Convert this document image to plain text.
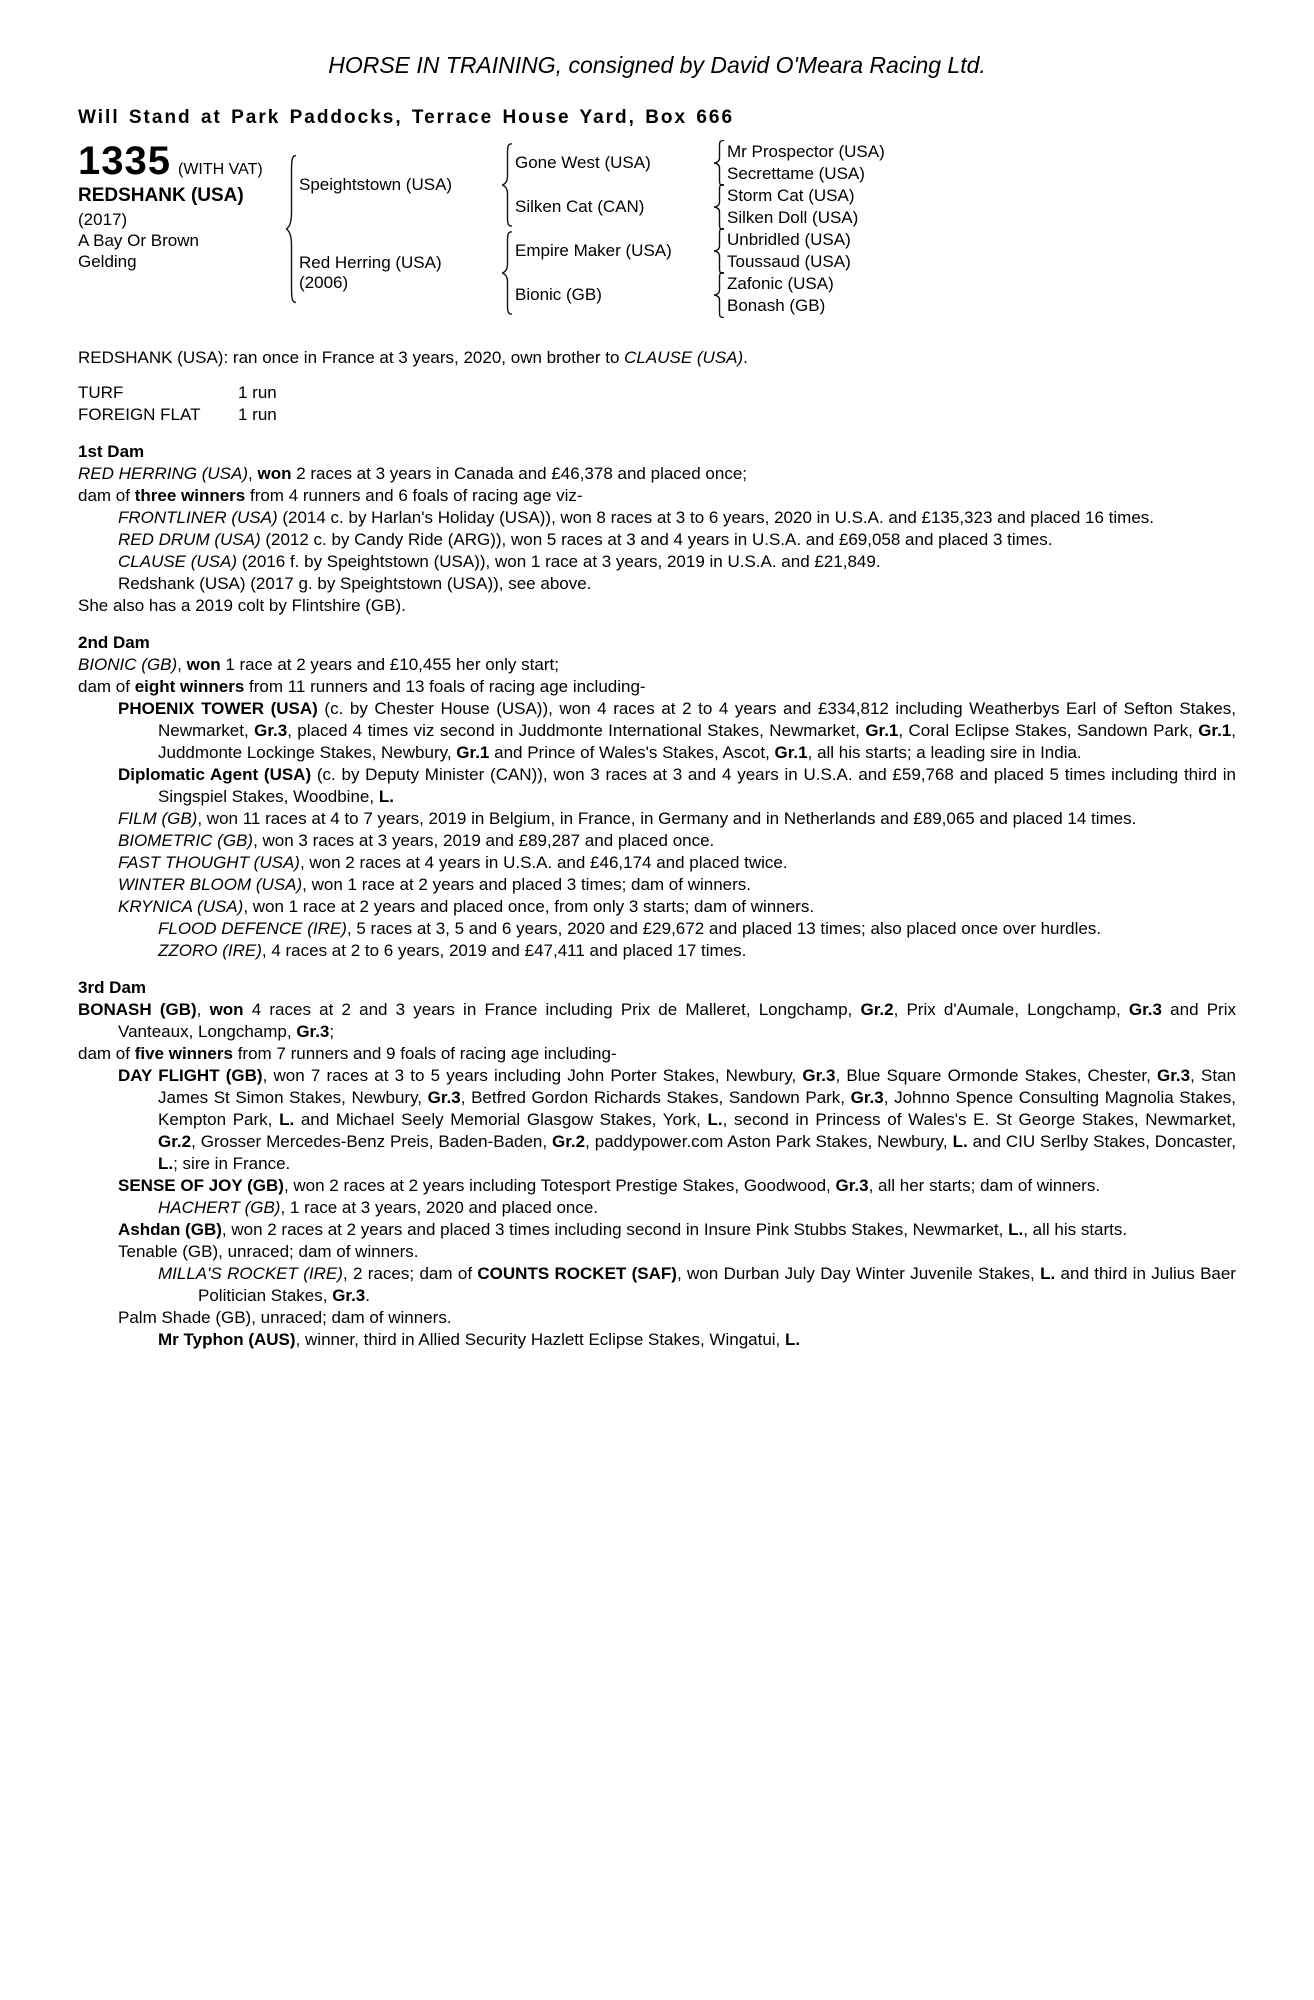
HORSE IN TRAINING, consigned by David O'Meara Racing Ltd.
Will Stand at Park Paddocks, Terrace House Yard, Box 666
1335 (WITH VAT)
REDSHANK (USA)
(2017)
A Bay Or Brown
Gelding
Speightstown (USA)
Red Herring (USA)
(2006)
Gone West (USA)
Silken Cat (CAN)
Empire Maker (USA)
Bionic (GB)
Mr Prospector (USA)
Secrettame (USA)
Storm Cat (USA)
Silken Doll (USA)
Unbridled (USA)
Toussaud (USA)
Zafonic (USA)
Bonash (GB)
REDSHANK (USA): ran once in France at 3 years, 2020, own brother to CLAUSE (USA).
TURF	1 run
FOREIGN FLAT	1 run
1st Dam
RED HERRING (USA), won 2 races at 3 years in Canada and £46,378 and placed once;
dam of three winners from 4 runners and 6 foals of racing age viz-
FRONTLINER (USA) (2014 c. by Harlan's Holiday (USA)), won 8 races at 3 to 6 years, 2020 in U.S.A. and £135,323 and placed 16 times.
RED DRUM (USA) (2012 c. by Candy Ride (ARG)), won 5 races at 3 and 4 years in U.S.A. and £69,058 and placed 3 times.
CLAUSE (USA) (2016 f. by Speightstown (USA)), won 1 race at 3 years, 2019 in U.S.A. and £21,849.
Redshank (USA) (2017 g. by Speightstown (USA)), see above.
She also has a 2019 colt by Flintshire (GB).
2nd Dam
BIONIC (GB), won 1 race at 2 years and £10,455 her only start;
dam of eight winners from 11 runners and 13 foals of racing age including-
PHOENIX TOWER (USA) (c. by Chester House (USA)), won 4 races at 2 to 4 years and £334,812 including Weatherbys Earl of Sefton Stakes, Newmarket, Gr.3, placed 4 times viz second in Juddmonte International Stakes, Newmarket, Gr.1, Coral Eclipse Stakes, Sandown Park, Gr.1, Juddmonte Lockinge Stakes, Newbury, Gr.1 and Prince of Wales's Stakes, Ascot, Gr.1, all his starts; a leading sire in India.
Diplomatic Agent (USA) (c. by Deputy Minister (CAN)), won 3 races at 3 and 4 years in U.S.A. and £59,768 and placed 5 times including third in Singspiel Stakes, Woodbine, L.
FILM (GB), won 11 races at 4 to 7 years, 2019 in Belgium, in France, in Germany and in Netherlands and £89,065 and placed 14 times.
BIOMETRIC (GB), won 3 races at 3 years, 2019 and £89,287 and placed once.
FAST THOUGHT (USA), won 2 races at 4 years in U.S.A. and £46,174 and placed twice.
WINTER BLOOM (USA), won 1 race at 2 years and placed 3 times; dam of winners.
KRYNICA (USA), won 1 race at 2 years and placed once, from only 3 starts; dam of winners.
FLOOD DEFENCE (IRE), 5 races at 3, 5 and 6 years, 2020 and £29,672 and placed 13 times; also placed once over hurdles.
ZZORO (IRE), 4 races at 2 to 6 years, 2019 and £47,411 and placed 17 times.
3rd Dam
BONASH (GB), won 4 races at 2 and 3 years in France including Prix de Malleret, Longchamp, Gr.2, Prix d'Aumale, Longchamp, Gr.3 and Prix Vanteaux, Longchamp, Gr.3;
dam of five winners from 7 runners and 9 foals of racing age including-
DAY FLIGHT (GB), won 7 races at 3 to 5 years including John Porter Stakes, Newbury, Gr.3, Blue Square Ormonde Stakes, Chester, Gr.3, Stan James St Simon Stakes, Newbury, Gr.3, Betfred Gordon Richards Stakes, Sandown Park, Gr.3, Johnno Spence Consulting Magnolia Stakes, Kempton Park, L. and Michael Seely Memorial Glasgow Stakes, York, L., second in Princess of Wales's E. St George Stakes, Newmarket, Gr.2, Grosser Mercedes-Benz Preis, Baden-Baden, Gr.2, paddypower.com Aston Park Stakes, Newbury, L. and CIU Serlby Stakes, Doncaster, L.; sire in France.
SENSE OF JOY (GB), won 2 races at 2 years including Totesport Prestige Stakes, Goodwood, Gr.3, all her starts; dam of winners.
HACHERT (GB), 1 race at 3 years, 2020 and placed once.
Ashdan (GB), won 2 races at 2 years and placed 3 times including second in Insure Pink Stubbs Stakes, Newmarket, L., all his starts.
Tenable (GB), unraced; dam of winners.
MILLA'S ROCKET (IRE), 2 races; dam of COUNTS ROCKET (SAF), won Durban July Day Winter Juvenile Stakes, L. and third in Julius Baer Politician Stakes, Gr.3.
Palm Shade (GB), unraced; dam of winners.
Mr Typhon (AUS), winner, third in Allied Security Hazlett Eclipse Stakes, Wingatui, L.
